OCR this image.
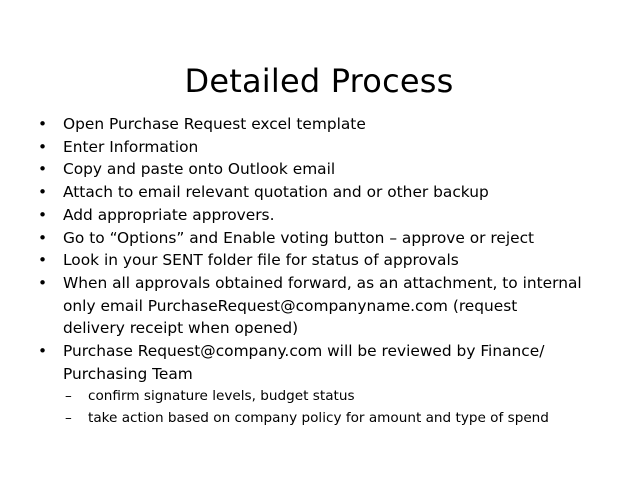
Detailed Process
• Open Purchase Request excel template
• Enter Information
• Copy and paste onto Outlook email
• Attach to email relevant quotation and or other backup
• Add appropriate approvers.
• Go to “Options” and Enable voting button – approve or reject
• Look in your SENT folder file for status of approvals
• When all approvals obtained forward, as an attachment, to internal
only email PurchaseRequest@companyname.com (request
delivery receipt when opened)
• Purchase Request@company.com will be reviewed by Finance/
Purchasing Team
– confirm signature levels, budget status
– take action based on company policy for amount and type of spend
